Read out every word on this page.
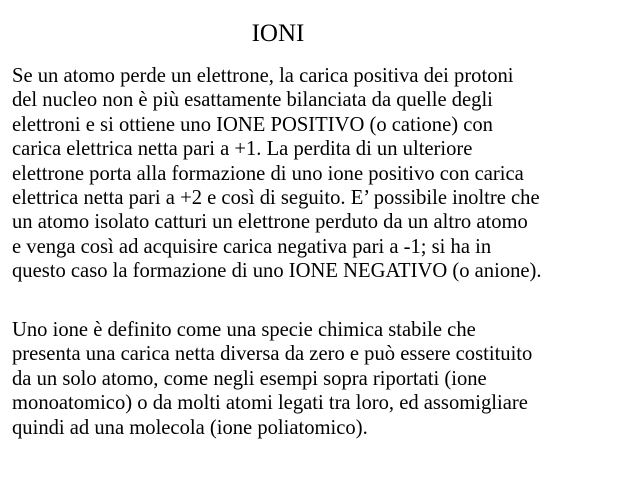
IONI

Se un atomo perde un elettrone, la carica positiva dei protoni
del nucleo non è più esattamente bilanciata da quelle degli
elettroni e si ottiene uno IONE POSITIVO (o catione) con
carica elettrica netta pari a +1. La perdita di un ulteriore
elettrone porta alla formazione di uno ione positivo con carica
elettrica netta pari a +2 e così di seguito. E’ possibile inoltre che
un atomo isolato catturi un elettrone perduto da un altro atomo
e venga così ad acquisire carica negativa pari a -1; si ha in
questo caso la formazione di uno IONE NEGATIVO (o anione).

Uno ione è definito come una specie chimica stabile che
presenta una carica netta diversa da zero e può essere costituito
da un solo atomo, come negli esempi sopra riportati (ione
monoatomico) o da molti atomi legati tra loro, ed assomigliare
quindi ad una molecola (ione poliatomico).
